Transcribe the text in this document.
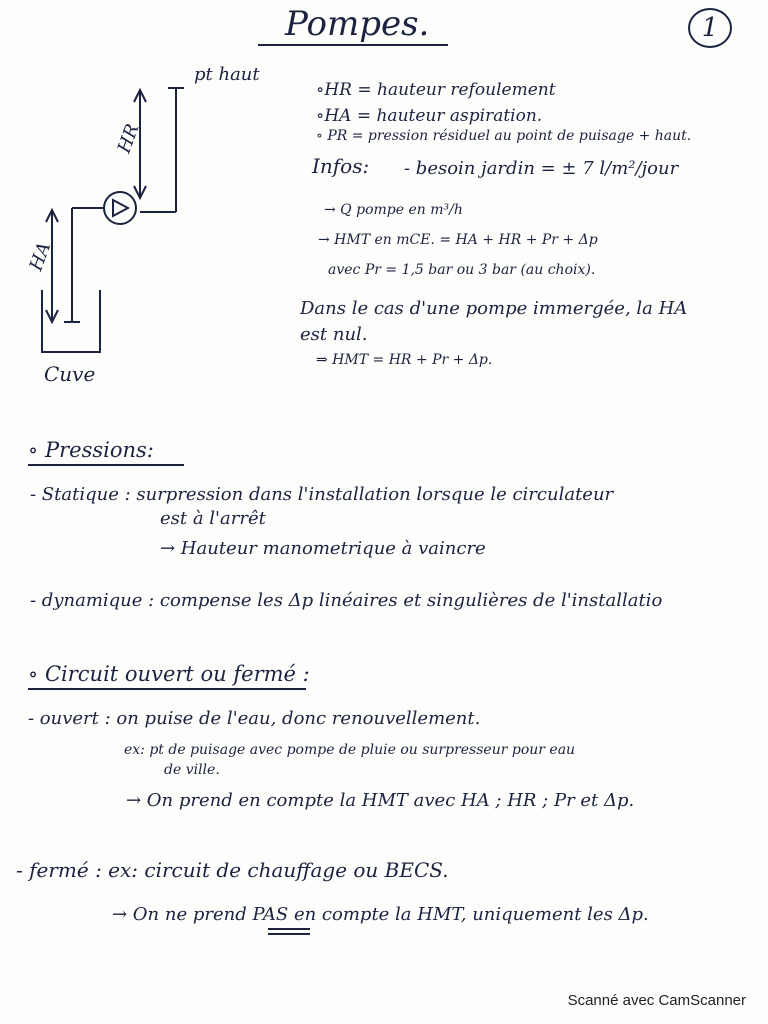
Pompes.	1
pt haut
HR
HA
Cuve
∘HR = hauteur refoulement
∘HA = hauteur aspiration.
∘ PR = pression résiduel au point de puisage + haut.
Infos: - besoin jardin = ± 7 l/m²/jour
→ Q pompe en m³/h
→ HMT en mCE. = HA + HR + Pr + Δp
avec Pr = 1,5 bar ou 3 bar (au choix).
Dans le cas d'une pompe immergée, la HA
est nul.
⇒ HMT = HR + Pr + Δp.
∘ Pressions:
- Statique : surpression dans l'installation lorsque le circulateur
est à l'arrêt
→ Hauteur manometrique à vaincre
- dynamique : compense les Δp linéaires et singulières de l'installatio
∘ Circuit ouvert ou fermé :
- ouvert : on puise de l'eau, donc renouvellement.
ex: pt de puisage avec pompe de pluie ou surpresseur pour eau
de ville.
→ On prend en compte la HMT avec HA ; HR ; Pr et Δp.
- fermé : ex: circuit de chauffage ou BECS.
→ On ne prend PAS en compte la HMT, uniquement les Δp.
Scanné avec CamScanner
